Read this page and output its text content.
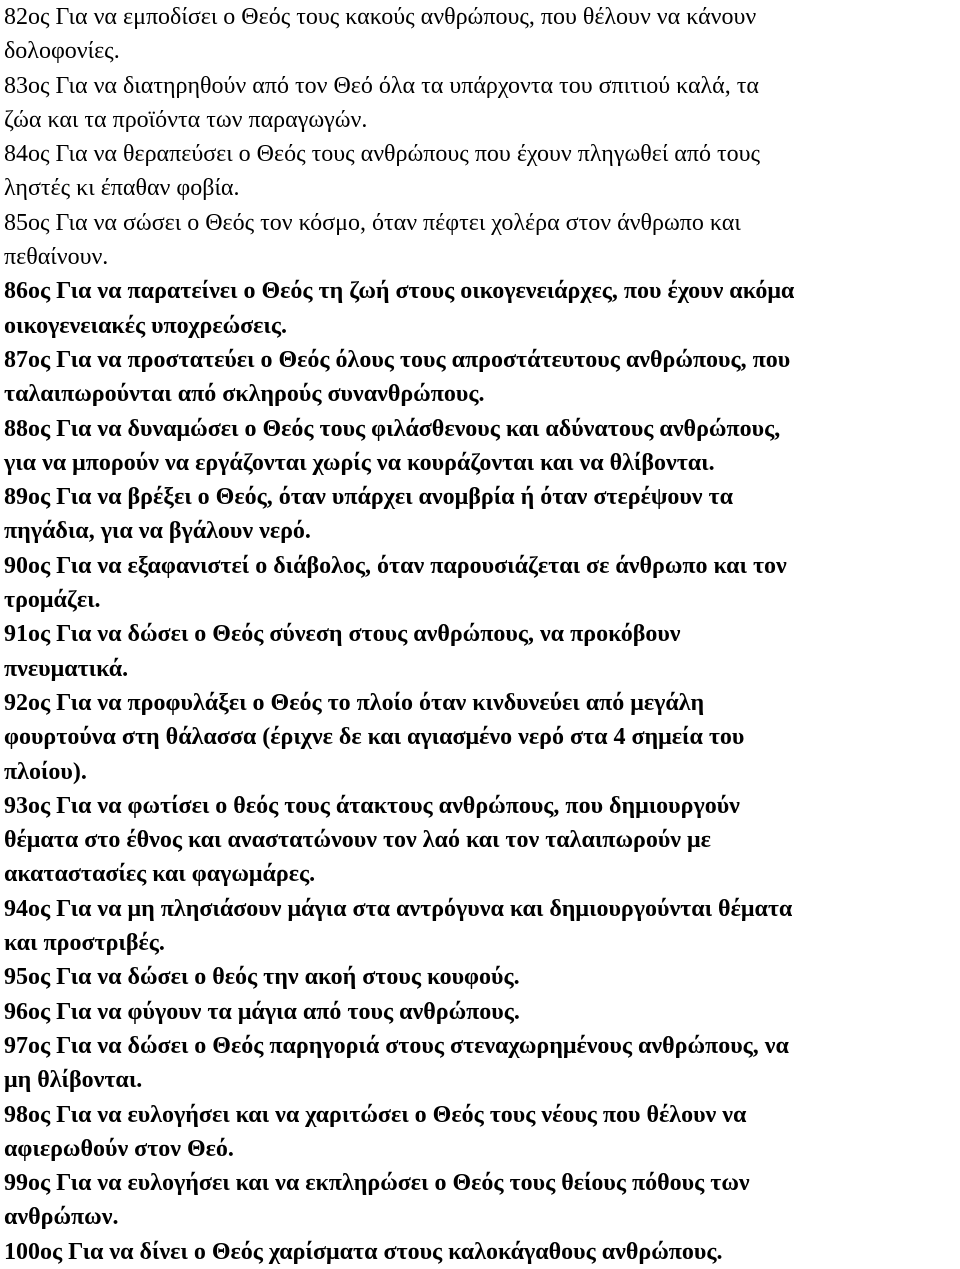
82ος Για να εμποδίσει ο Θεός τους κακούς ανθρώπους, που θέλουν να κάνουν
δολοφονίες.
83ος Για να διατηρηθούν από τον Θεό όλα τα υπάρχοντα του σπιτιού καλά, τα
ζώα και τα προϊόντα των παραγωγών.
84ος Για να θεραπεύσει ο Θεός τους ανθρώπους που έχουν πληγωθεί από τους
ληστές κι έπαθαν φοβία.
85ος Για να σώσει ο Θεός τον κόσμο, όταν πέφτει χολέρα στον άνθρωπο και
πεθαίνουν.
86ος Για να παρατείνει ο Θεός τη ζωή στους οικογενειάρχες, που έχουν ακόμα
οικογενειακές υποχρεώσεις.
87ος Για να προστατεύει ο Θεός όλους τους απροστάτευτους ανθρώπους, που
ταλαιπωρούνται από σκληρούς συνανθρώπους.
88ος Για να δυναμώσει ο Θεός τους φιλάσθενους και αδύνατους ανθρώπους,
για να μπορούν να εργάζονται χωρίς να κουράζονται και να θλίβονται.
89ος Για να βρέξει ο Θεός, όταν υπάρχει ανομβρία ή όταν στερέψουν τα
πηγάδια, για να βγάλουν νερό.
90ος Για να εξαφανιστεί ο διάβολος, όταν παρουσιάζεται σε άνθρωπο και τον
τρομάζει.
91ος Για να δώσει ο Θεός σύνεση στους ανθρώπους, να προκόβουν
πνευματικά.
92ος Για να προφυλάξει ο Θεός το πλοίο όταν κινδυνεύει από μεγάλη
φουρτούνα στη θάλασσα (έριχνε δε και αγιασμένο νερό στα 4 σημεία του
πλοίου).
93ος Για να φωτίσει ο θεός τους άτακτους ανθρώπους, που δημιουργούν
θέματα στο έθνος και αναστατώνουν τον λαό και τον ταλαιπωρούν με
ακαταστασίες και φαγωμάρες.
94ος Για να μη πλησιάσουν μάγια στα αντρόγυνα και δημιουργούνται θέματα
και προστριβές.
95ος Για να δώσει ο θεός την ακοή στους κουφούς.
96ος Για να φύγουν τα μάγια από τους ανθρώπους.
97ος Για να δώσει ο Θεός παρηγοριά στους στεναχωρημένους ανθρώπους, να
μη θλίβονται.
98ος Για να ευλογήσει και να χαριτώσει ο Θεός τους νέους που θέλουν να
αφιερωθούν στον Θεό.
99ος Για να ευλογήσει και να εκπληρώσει ο Θεός τους θείους πόθους των
ανθρώπων.
100ος Για να δίνει ο Θεός χαρίσματα στους καλοκάγαθους ανθρώπους.
